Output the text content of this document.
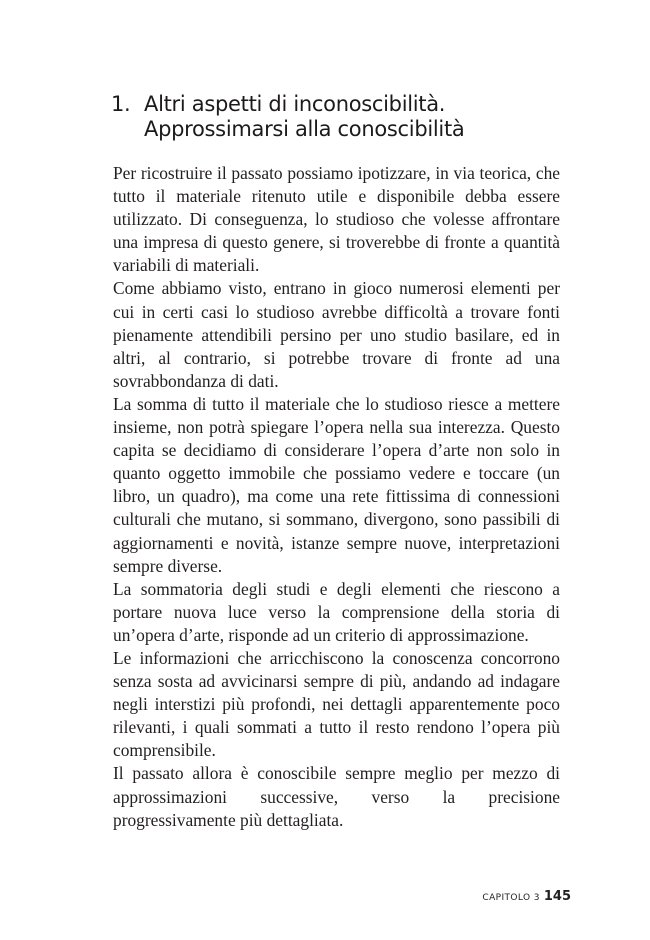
1. Altri aspetti di inconoscibilità.
Approssimarsi alla conoscibilità

Per ricostruire il passato possiamo ipotizzare, in via teorica, che tutto il materiale ritenuto utile e disponibile debba essere utilizzato. Di conseguenza, lo studioso che volesse affrontare una impresa di questo genere, si troverebbe di fronte a quantità variabili di materiali.

Come abbiamo visto, entrano in gioco numerosi elementi per cui in certi casi lo studioso avrebbe difficoltà a trovare fonti pienamente attendibili persino per uno studio basilare, ed in altri, al contrario, si potrebbe trovare di fronte ad una sovrabbondanza di dati.

La somma di tutto il materiale che lo studioso riesce a mettere insieme, non potrà spiegare l’opera nella sua interezza. Questo capita se decidiamo di considerare l’opera d’arte non solo in quanto oggetto immobile che possiamo vedere e toccare (un libro, un quadro), ma come una rete fittissima di connessioni culturali che mutano, si sommano, divergono, sono passibili di aggiornamenti e novità, istanze sempre nuove, interpretazioni sempre diverse.

La sommatoria degli studi e degli elementi che riescono a portare nuova luce verso la comprensione della storia di un’opera d’arte, risponde ad un criterio di approssimazione.

Le informazioni che arricchiscono la conoscenza concorrono senza sosta ad avvicinarsi sempre di più, andando ad indagare negli interstizi più profondi, nei dettagli apparentemente poco rilevanti, i quali sommati a tutto il resto rendono l’opera più comprensibile.

Il passato allora è conoscibile sempre meglio per mezzo di approssimazioni successive, verso la precisione progressivamente più dettagliata.

CAPITOLO 3 145
